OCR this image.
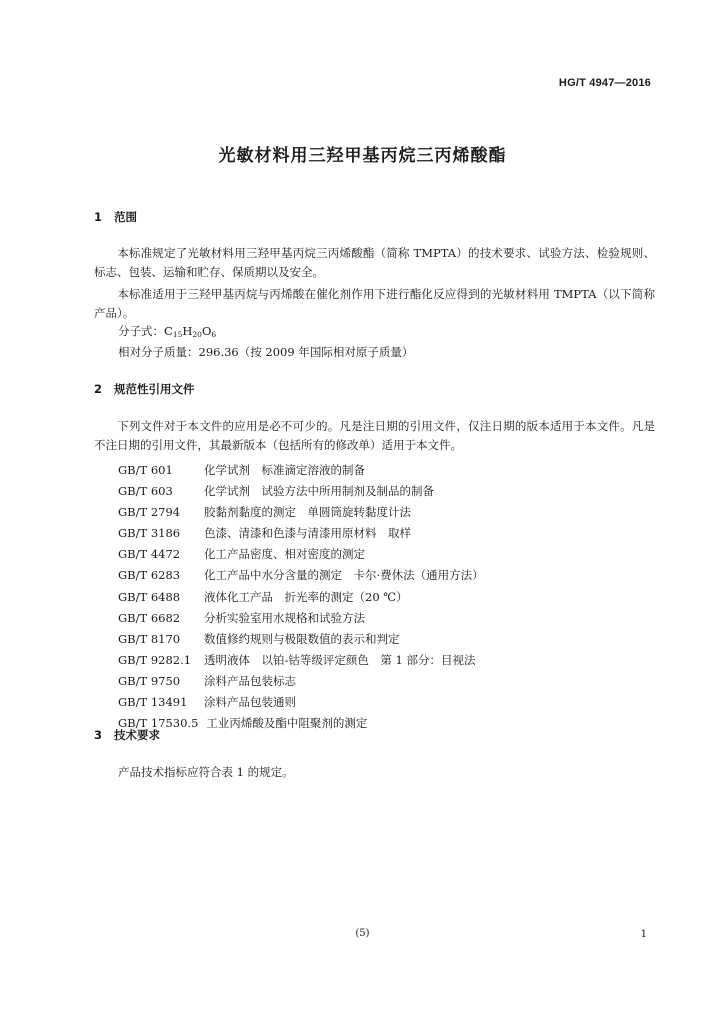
HG/T 4947—2016
光敏材料用三羟甲基丙烷三丙烯酸酯
1 范围
本标准规定了光敏材料用三羟甲基丙烷三丙烯酸酯（简称 TMPTA）的技术要求、试验方法、检验规则、标志、包装、运输和贮存、保质期以及安全。
本标准适用于三羟甲基丙烷与丙烯酸在催化剂作用下进行酯化反应得到的光敏材料用 TMPTA（以下简称产品）。
分子式：$C_{15}H_{20}O_6$
相对分子质量：296.36（按 2009 年国际相对原子质量）
2 规范性引用文件
下列文件对于本文件的应用是必不可少的。凡是注日期的引用文件，仅注日期的版本适用于本文件。凡是不注日期的引用文件，其最新版本（包括所有的修改单）适用于本文件。
GB/T 601	化学试剂　标准滴定溶液的制备
GB/T 603	化学试剂　试验方法中所用制剂及制品的制备
GB/T 2794 胶黏剂黏度的测定　单圆筒旋转黏度计法
GB/T 3186 色漆、清漆和色漆与清漆用原材料　取样
GB/T 4472 化工产品密度、相对密度的测定
GB/T 6283 化工产品中水分含量的测定　卡尔·费休法（通用方法）
GB/T 6488 液体化工产品　折光率的测定（20 ℃）
GB/T 6682 分析实验室用水规格和试验方法
GB/T 8170 数值修约规则与极限数值的表示和判定
GB/T 9282.1 透明液体　以铂-钴等级评定颜色　第 1 部分：目视法
GB/T 9750 涂料产品包装标志
GB/T 13491 涂料产品包装通则
GB/T 17530.5 工业丙烯酸及酯中阻聚剂的测定
3 技术要求
产品技术指标应符合表 1 的规定。
(5)	1
